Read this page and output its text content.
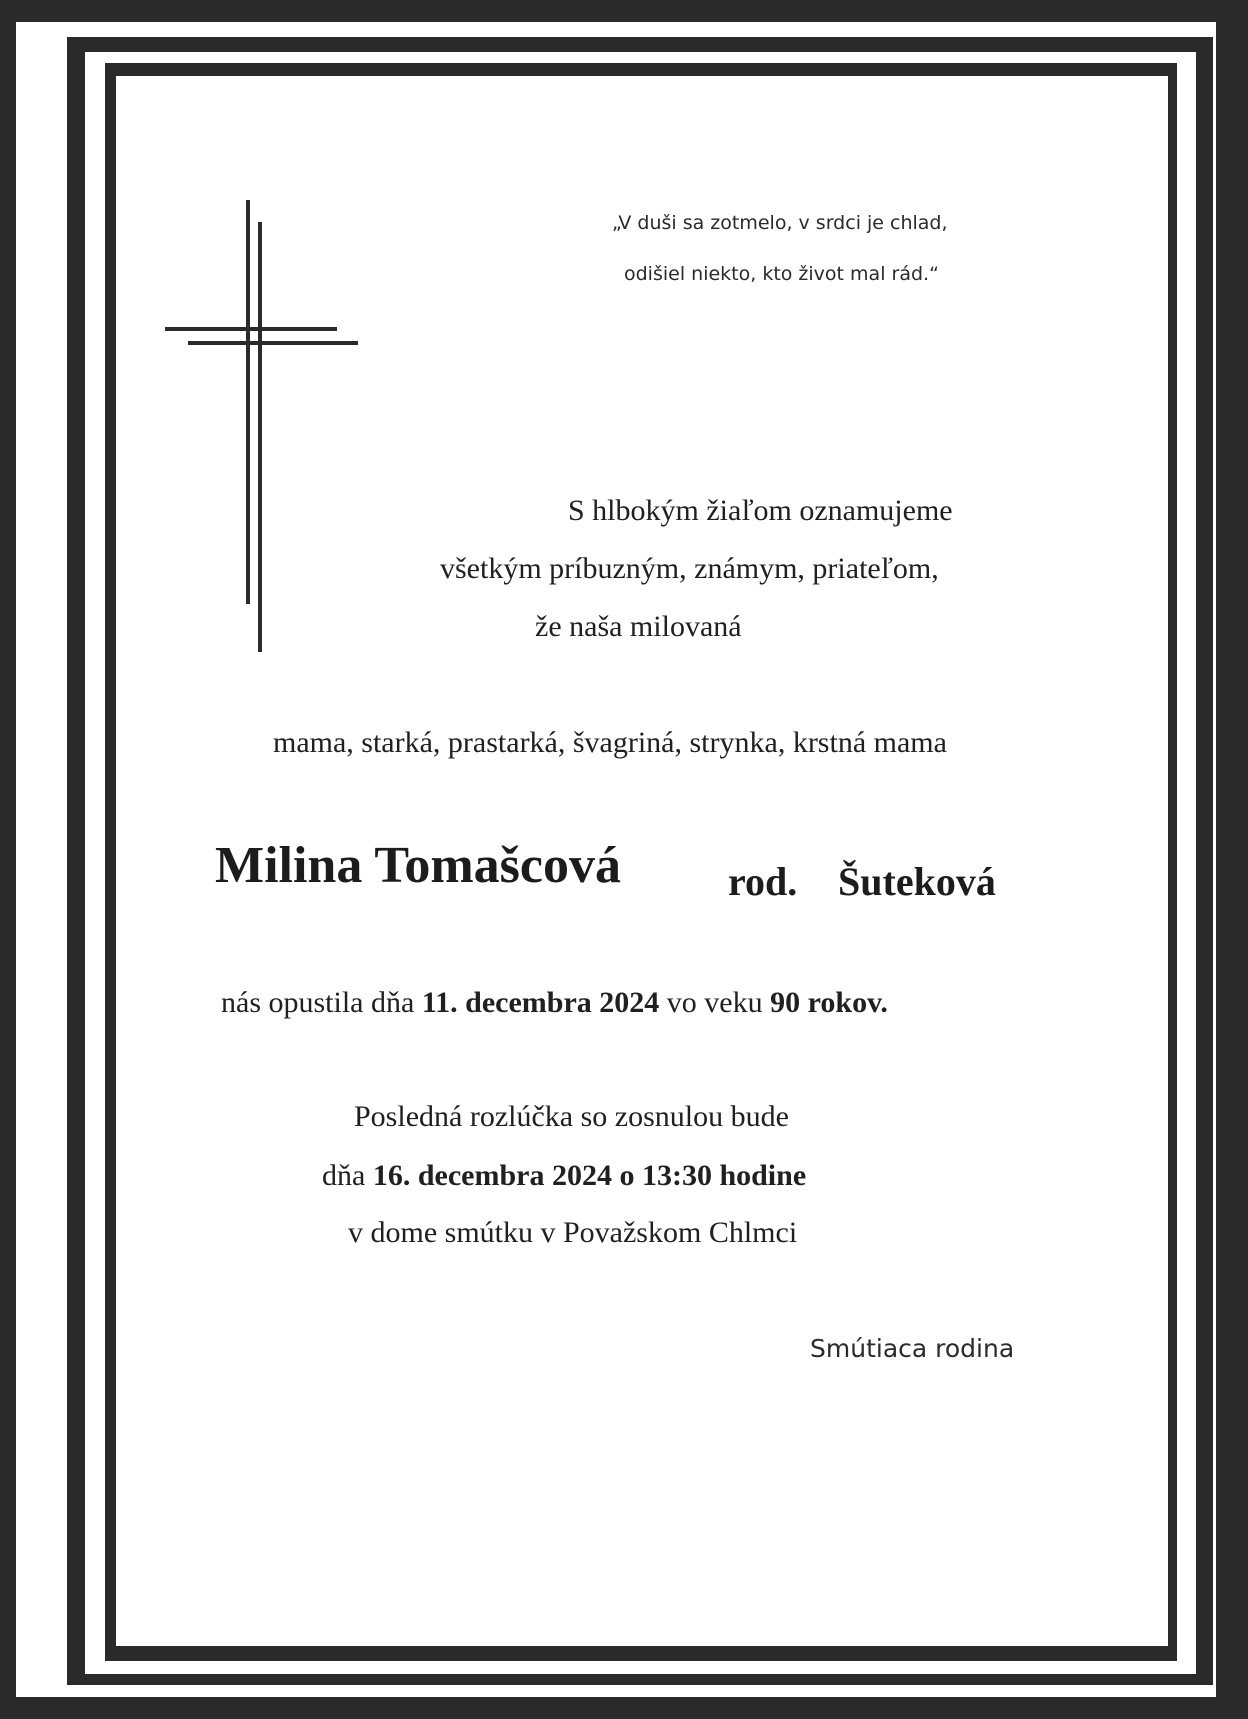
„V duši sa zotmelo, v srdci je chlad,
odišiel niekto, kto život mal rád.“
S hlbokým žiaľom oznamujeme
všetkým príbuzným, známym, priateľom,
že naša milovaná
mama, starká, prastarká, švagriná, strynka, krstná mama
Milina Tomašcová	rod. Šuteková
nás opustila dňa 11. decembra 2024 vo veku 90 rokov.
Posledná rozlúčka so zosnulou bude
dňa 16. decembra 2024 o 13:30 hodine
v dome smútku v Považskom Chlmci
Smútiaca rodina
